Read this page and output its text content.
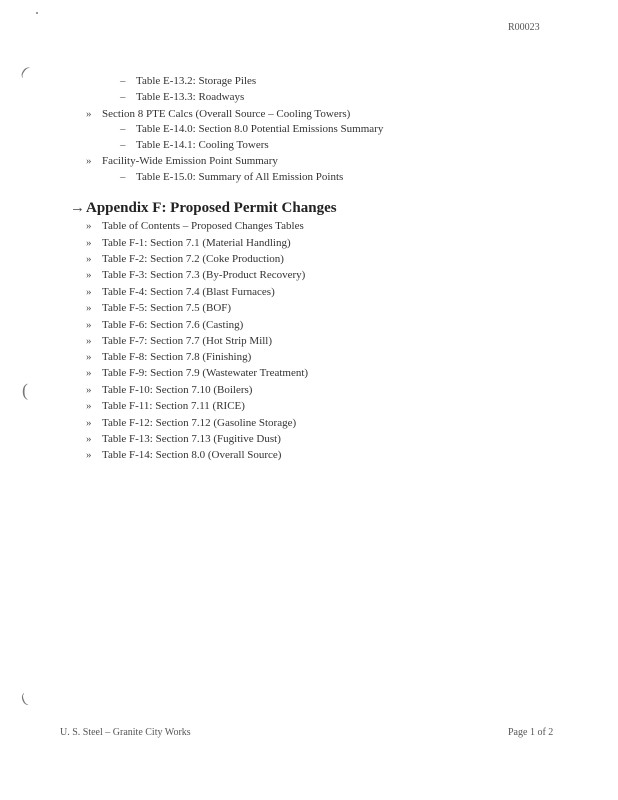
R00023
(
(
(
– Table E-13.2: Storage Piles
– Table E-13.3: Roadways
» Section 8 PTE Calcs (Overall Source – Cooling Towers)
– Table E-14.0: Section 8.0 Potential Emissions Summary
– Table E-14.1: Cooling Towers
» Facility-Wide Emission Point Summary
– Table E-15.0: Summary of All Emission Points
→Appendix F: Proposed Permit Changes
» Table of Contents – Proposed Changes Tables
» Table F-1: Section 7.1 (Material Handling)
» Table F-2: Section 7.2 (Coke Production)
» Table F-3: Section 7.3 (By-Product Recovery)
» Table F-4: Section 7.4 (Blast Furnaces)
» Table F-5: Section 7.5 (BOF)
» Table F-6: Section 7.6 (Casting)
» Table F-7: Section 7.7 (Hot Strip Mill)
» Table F-8: Section 7.8 (Finishing)
» Table F-9: Section 7.9 (Wastewater Treatment)
» Table F-10: Section 7.10 (Boilers)
» Table F-11: Section 7.11 (RICE)
» Table F-12: Section 7.12 (Gasoline Storage)
» Table F-13: Section 7.13 (Fugitive Dust)
» Table F-14: Section 8.0 (Overall Source)
U. S. Steel – Granite City Works	Page 1 of 2
